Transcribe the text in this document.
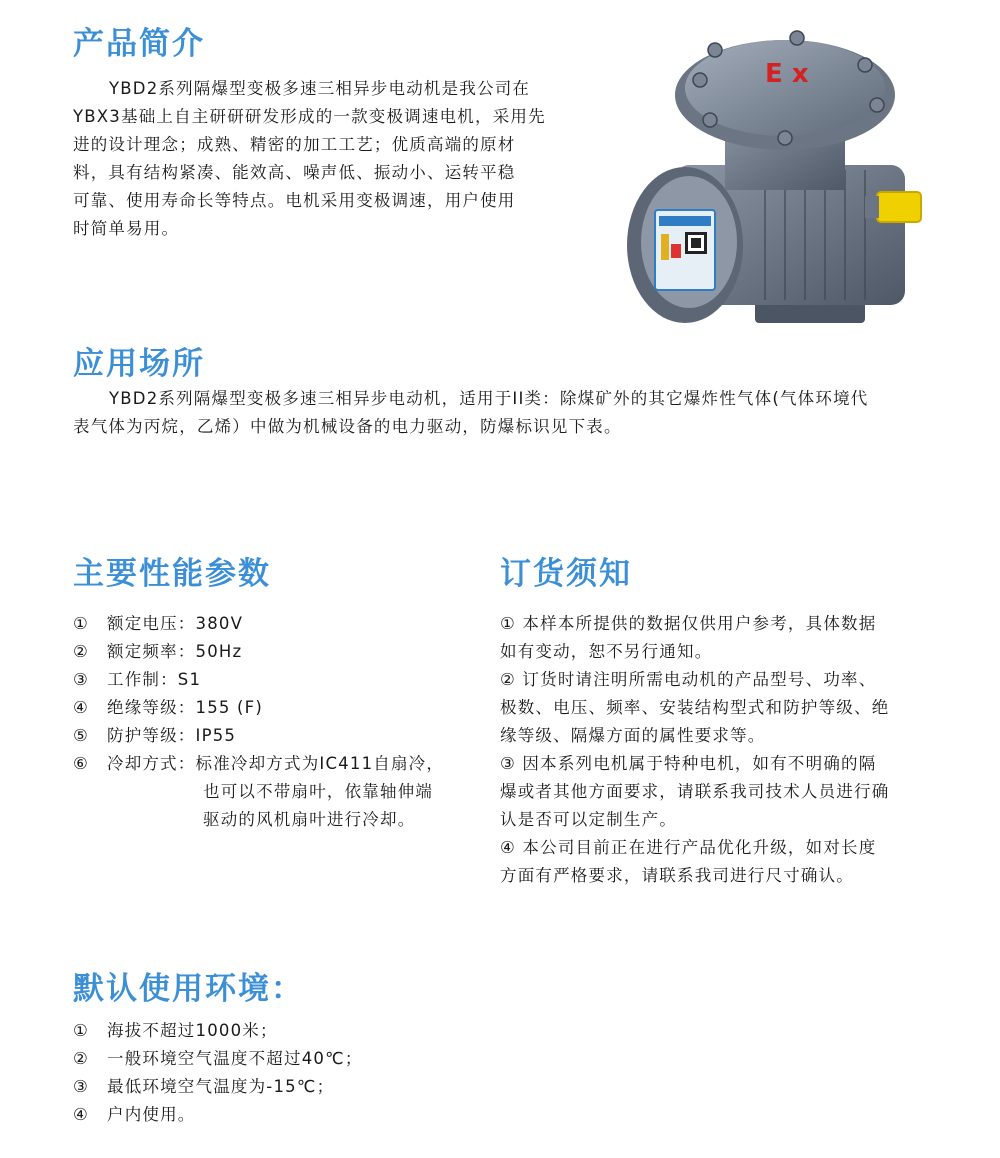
产品简介
YBD2系列隔爆型变极多速三相异步电动机是我公司在
YBX3基础上自主研研研发形成的一款变极调速电机，采用先
进的设计理念；成熟、精密的加工工艺；优质高端的原材
料，具有结构紧凑、能效高、噪声低、振动小、运转平稳
可靠、使用寿命长等特点。电机采用变极调速，用户使用
时简单易用。
E x
应用场所
YBD2系列隔爆型变极多速三相异步电动机，适用于II类：除煤矿外的其它爆炸性气体(气体环境代
表气体为丙烷，乙烯）中做为机械设备的电力驱动，防爆标识见下表。
主要性能参数
①	额定电压：380V
②	额定频率：50Hz
③	工作制：S1
④	绝缘等级：155 (F)
⑤	防护等级：IP55
⑥	冷却方式：标准冷却方式为IC411自扇冷，
也可以不带扇叶，依靠轴伸端
驱动的风机扇叶进行冷却。
订货须知
① 本样本所提供的数据仅供用户参考，具体数据
如有变动，恕不另行通知。
② 订货时请注明所需电动机的产品型号、功率、
极数、电压、频率、安装结构型式和防护等级、绝
缘等级、隔爆方面的属性要求等。
③ 因本系列电机属于特种电机，如有不明确的隔
爆或者其他方面要求，请联系我司技术人员进行确
认是否可以定制生产。
④ 本公司目前正在进行产品优化升级，如对长度
方面有严格要求，请联系我司进行尺寸确认。
默认使用环境：
①	海拔不超过1000米；
②	一般环境空气温度不超过40℃；
③	最低环境空气温度为-15℃；
④	户内使用。
